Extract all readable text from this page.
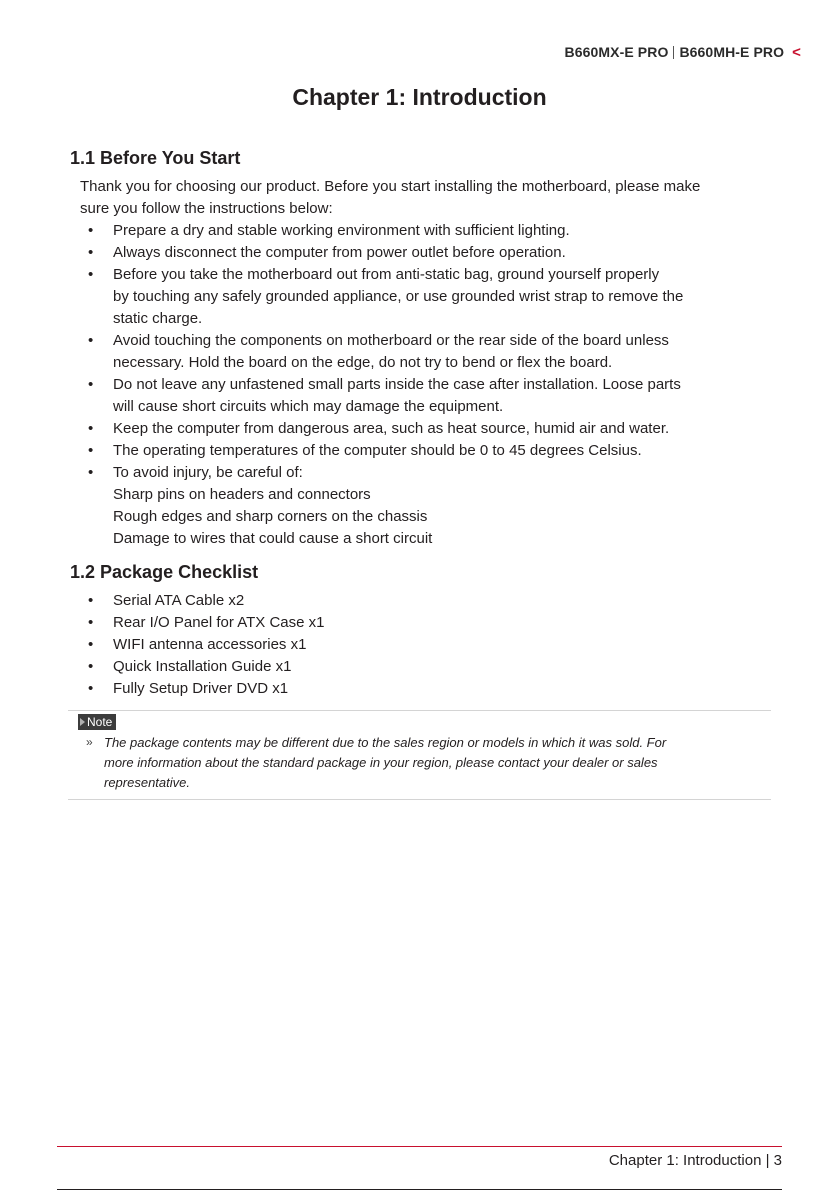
B660MX-E PRO B660MH-E PRO <
Chapter 1: Introduction
1.1 Before You Start
Thank you for choosing our product. Before you start installing the motherboard, please make
sure you follow the instructions below:
• Prepare a dry and stable working environment with sufficient lighting.
• Always disconnect the computer from power outlet before operation.
• Before you take the motherboard out from anti-static bag, ground yourself properly
by touching any safely grounded appliance, or use grounded wrist strap to remove the
static charge.
• Avoid touching the components on motherboard or the rear side of the board unless
necessary. Hold the board on the edge, do not try to bend or flex the board.
• Do not leave any unfastened small parts inside the case after installation. Loose parts
will cause short circuits which may damage the equipment.
• Keep the computer from dangerous area, such as heat source, humid air and water.
• The operating temperatures of the computer should be 0 to 45 degrees Celsius.
• To avoid injury, be careful of:
Sharp pins on headers and connectors
Rough edges and sharp corners on the chassis
Damage to wires that could cause a short circuit
1.2 Package Checklist
• Serial ATA Cable x2
• Rear I/O Panel for ATX Case x1
• WIFI antenna accessories x1
• Quick Installation Guide x1
• Fully Setup Driver DVD x1
Note
» The package contents may be different due to the sales region or models in which it was sold. For
more information about the standard package in your region, please contact your dealer or sales
representative.
Chapter 1: Introduction | 3
